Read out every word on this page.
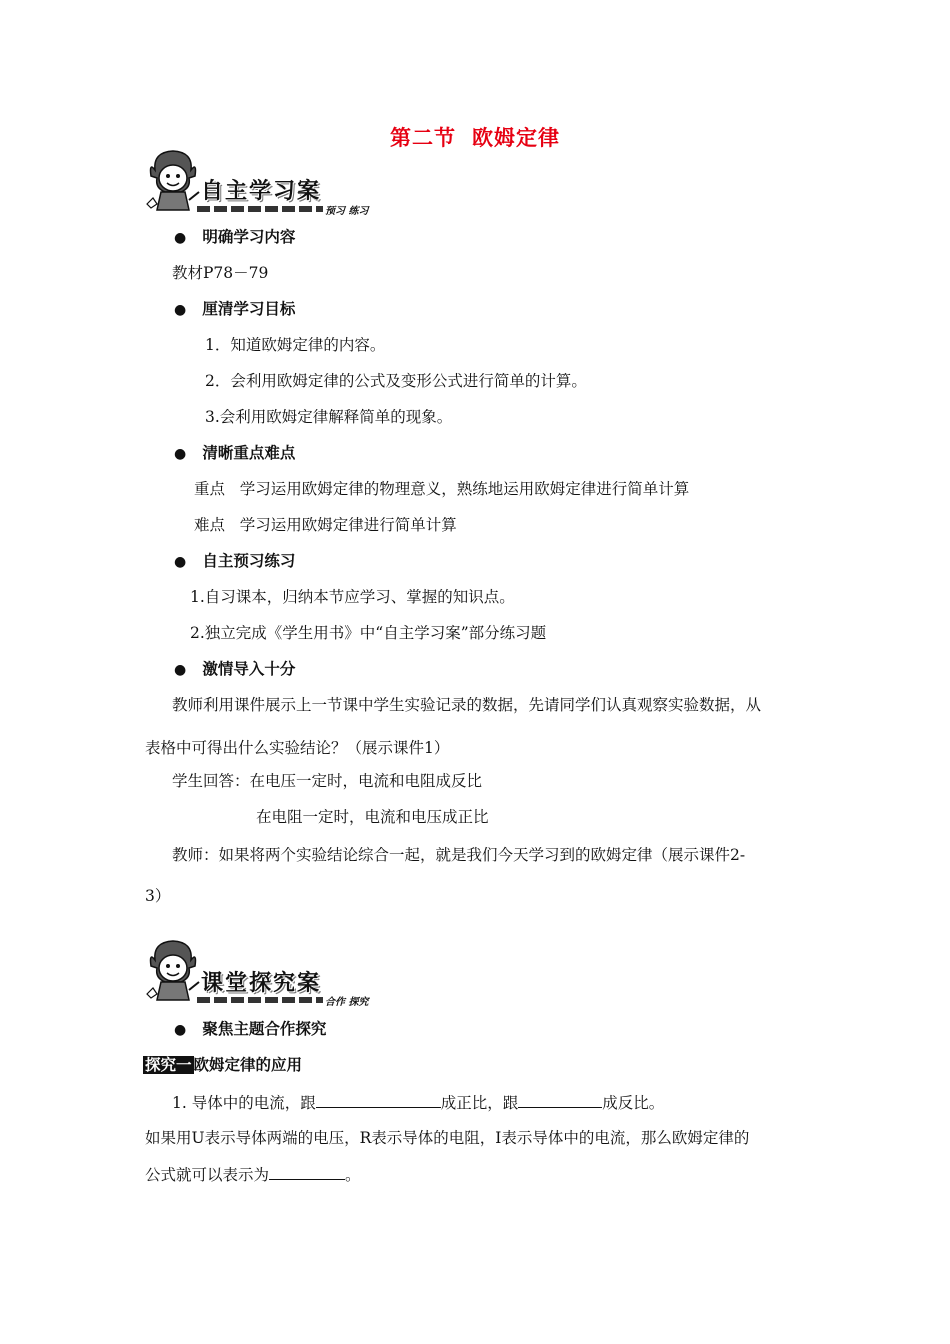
第二节 欧姆定律
自主学习案
预习 练习
● 明确学习内容
教材P78－79
● 厘清学习目标
1．知道欧姆定律的内容。
2．会利用欧姆定律的公式及变形公式进行简单的计算。
3.会利用欧姆定律解释简单的现象。
● 清晰重点难点
重点 学习运用欧姆定律的物理意义，熟练地运用欧姆定律进行简单计算
难点 学习运用欧姆定律进行简单计算
● 自主预习练习
1.自习课本，归纳本节应学习、掌握的知识点。
2.独立完成《学生用书》中“自主学习案”部分练习题
● 激情导入十分
教师利用课件展示上一节课中学生实验记录的数据，先请同学们认真观察实验数据，从
表格中可得出什么实验结论？（展示课件1）
学生回答：在电压一定时，电流和电阻成反比
在电阻一定时，电流和电压成正比
教师：如果将两个实验结论综合一起，就是我们今天学习到的欧姆定律（展示课件2-
3）
课堂探究案
合作 探究
● 聚焦主题合作探究
探究一 欧姆定律的应用
1. 导体中的电流，跟	成正比，跟	成反比。
如果用U表示导体两端的电压，R表示导体的电阻，I表示导体中的电流，那么欧姆定律的
公式就可以表示为	。
